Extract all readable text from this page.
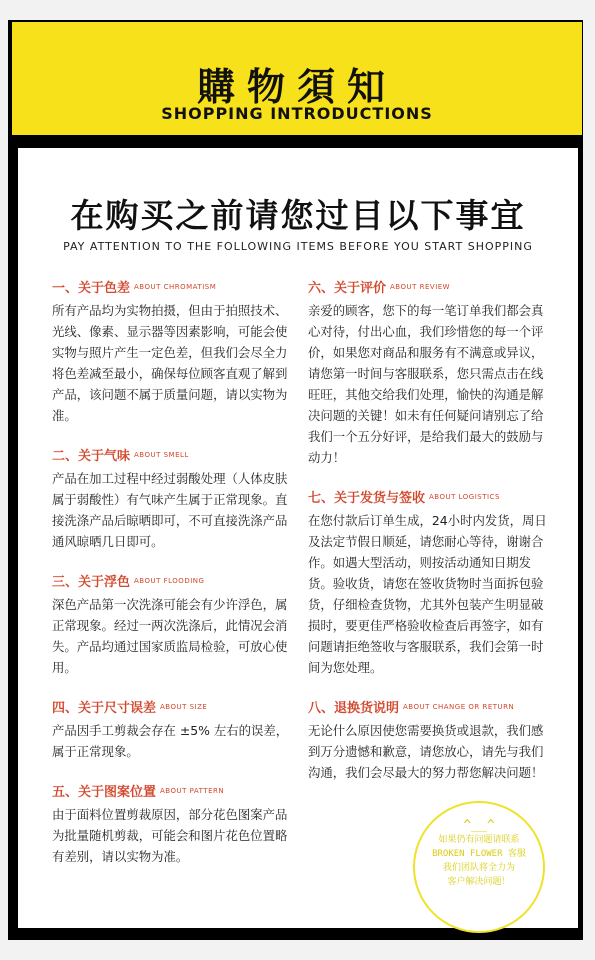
購物須知
SHOPPING INTRODUCTIONS
在购买之前请您过目以下事宜
PAY ATTENTION TO THE FOLLOWING ITEMS BEFORE YOU START SHOPPING
一、关于色差 ABOUT CHROMATISM
所有产品均为实物拍摄，但由于拍照技术、光线、像素、显示器等因素影响，可能会使实物与照片产生一定色差，但我们会尽全力将色差减至最小，确保每位顾客直观了解到产品，该问题不属于质量问题，请以实物为准。
二、关于气味 ABOUT SMELL
产品在加工过程中经过弱酸处理（人体皮肤属于弱酸性）有气味产生属于正常现象。直接洗涤产品后晾晒即可，不可直接洗涤产品通风晾晒几日即可。
三、关于浮色 ABOUT FLOODING
深色产品第一次洗涤可能会有少许浮色，属正常现象。经过一两次洗涤后，此情况会消失。产品均通过国家质监局检验，可放心使用。
四、关于尺寸误差 ABOUT SIZE
产品因手工剪裁会存在 ±5% 左右的误差，属于正常现象。
五、关于图案位置 ABOUT PATTERN
由于面料位置剪裁原因，部分花色图案产品为批量随机剪裁，可能会和图片花色位置略有差别，请以实物为准。
六、关于评价 ABOUT REVIEW
亲爱的顾客，您下的每一笔订单我们都会真心对待，付出心血，我们珍惜您的每一个评价，如果您对商品和服务有不满意或异议，请您第一时间与客服联系，您只需点击在线旺旺，其他交给我们处理，愉快的沟通是解决问题的关键！如未有任何疑问请别忘了给我们一个五分好评，是给我们最大的鼓励与动力！
七、关于发货与签收 ABOUT LOGISTICS
在您付款后订单生成，24小时内发货，周日及法定节假日顺延，请您耐心等待，谢谢合作。如遇大型活动，则按活动通知日期发货。验收货，请您在签收货物时当面拆包验货，仔细检查货物，尤其外包装产生明显破损时，要更佳严格验收检查后再签字，如有问题请拒绝签收与客服联系，我们会第一时间为您处理。
八、退换货说明 ABOUT CHANGE OR RETURN
无论什么原因使您需要换货或退款，我们感到万分遗憾和歉意，请您放心，请先与我们沟通，我们会尽最大的努力帮您解决问题！
^__^
如果仍有问题请联系
BROKEN FLOWER 客服
我们团队将全力为
客户解决问题！
